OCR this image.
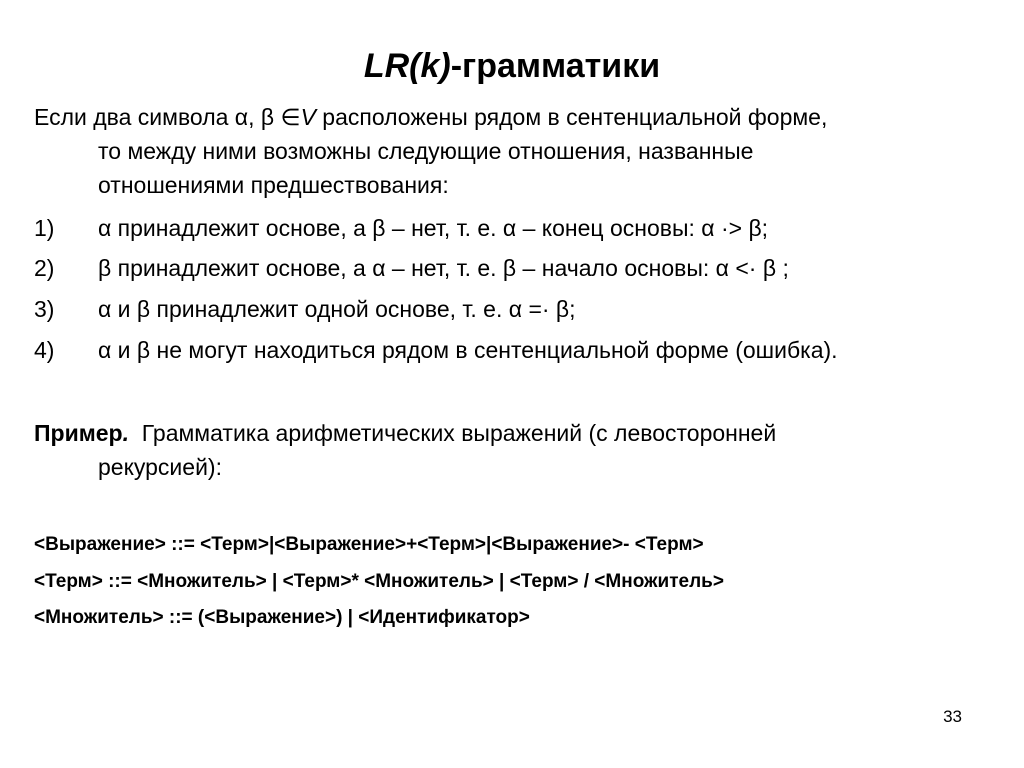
LR(k)-грамматики
Если два символа α, β ∈V расположены рядом в сентенциальной форме,
то между ними возможны следующие отношения, названные
отношениями предшествования:
1) α принадлежит основе, а β – нет, т. е. α – конец основы: α ·> β;
2) β принадлежит основе, а α – нет, т. е. β – начало основы: α <· β ;
3) α и β принадлежит одной основе, т. е. α =· β;
4) α и β не могут находиться рядом в сентенциальной форме (ошибка).
Пример.  Грамматика арифметических выражений (с левосторонней
рекурсией):
<Выражение> ::= <Терм>|<Выражение>+<Терм>|<Выражение>- <Терм>
<Терм> ::= <Множитель> | <Терм>* <Множитель> | <Терм> / <Множитель>
<Множитель> ::= (<Выражение>) | <Идентификатор>
33
